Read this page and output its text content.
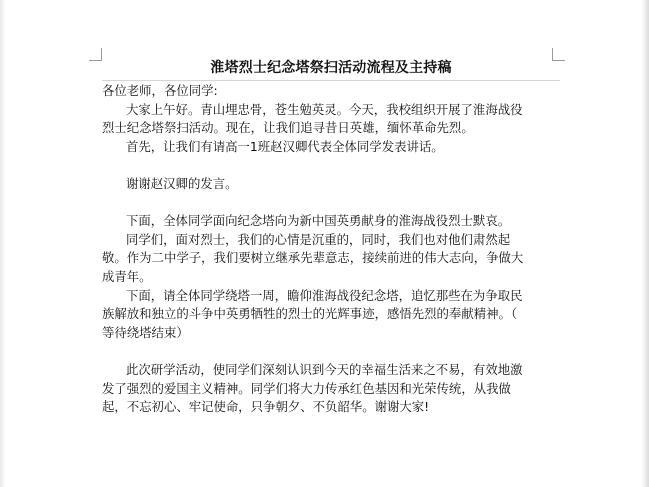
淮塔烈士纪念塔祭扫活动流程及主持稿

各位老师，各位同学:

大家上午好。青山埋忠骨，苍生勉英灵。今天，我校组织开展了淮海战役

烈士纪念塔祭扫活动。现在，让我们追寻昔日英雄，缅怀革命先烈。

首先，让我们有请高一1班赵汉卿代表全体同学发表讲话。

谢谢赵汉卿的发言。

下面，全体同学面向纪念塔向为新中国英勇献身的淮海战役烈士默哀。

同学们，面对烈士，我们的心情是沉重的，同时，我们也对他们肃然起

敬。作为二中学子，我们要树立继承先辈意志，接续前进的伟大志向，争做大

成青年。

下面，请全体同学绕塔一周，瞻仰淮海战役纪念塔，追忆那些在为争取民

族解放和独立的斗争中英勇牺牲的烈士的光辉事迹，感悟先烈的奉献精神。（

等待绕塔结束）

此次研学活动，使同学们深刻认识到今天的幸福生活来之不易，有效地激

发了强烈的爱国主义精神。同学们将大力传承红色基因和光荣传统，从我做

起，不忘初心、牢记使命，只争朝夕、不负韶华。谢谢大家!
